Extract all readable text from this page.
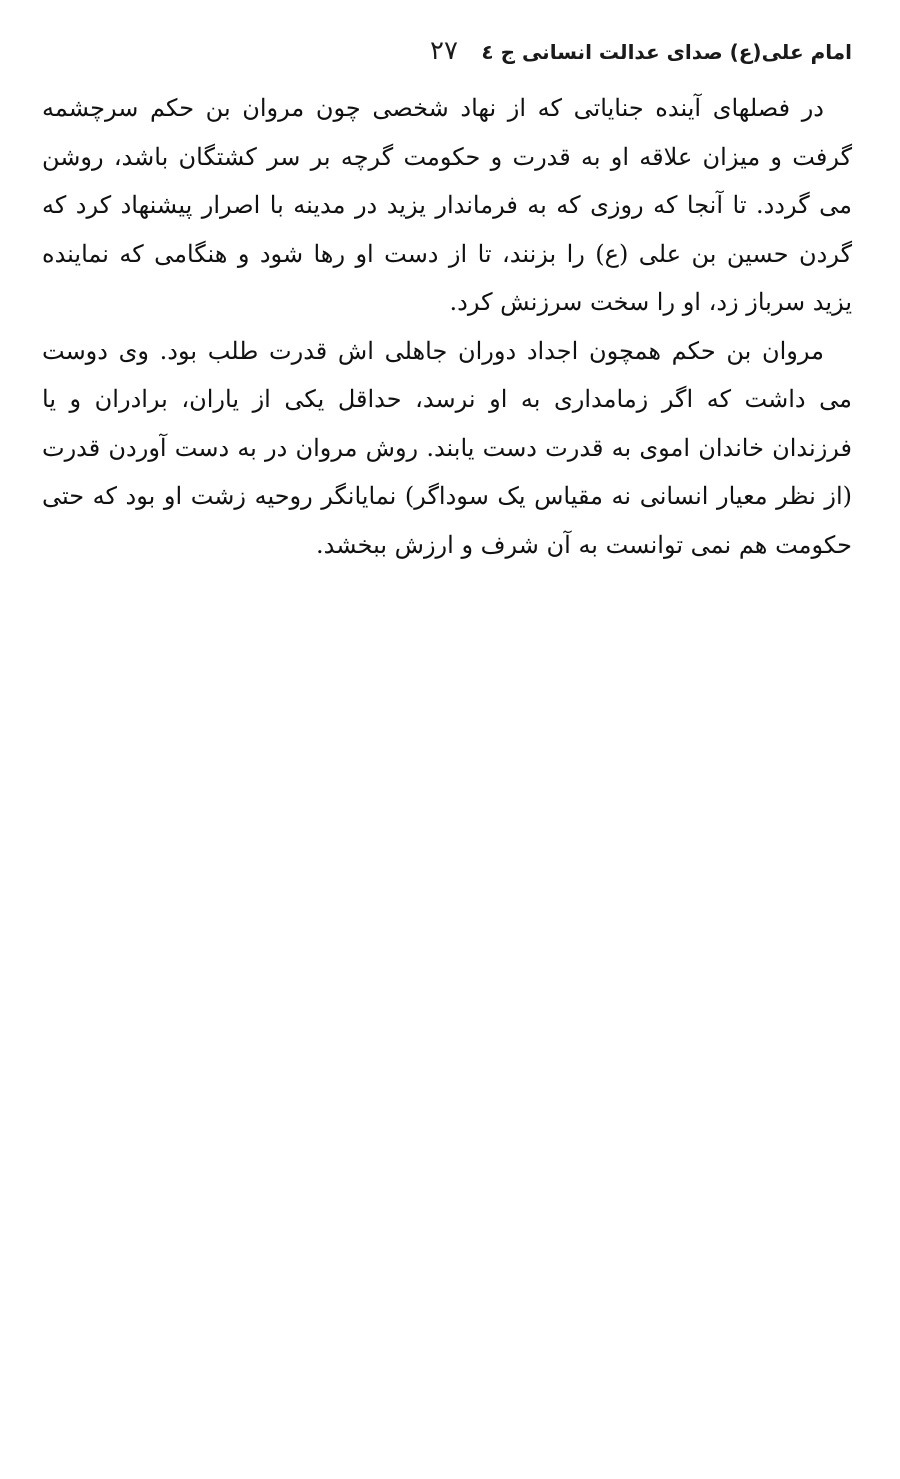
امام علی(ع) صدای عدالت انسانی ج ٤
٢٧

در فصلهای آینده جنایاتی که از نهاد شخصی چون مروان بن حکم سرچشمه گرفت و میزان علاقه او به قدرت و حکومت گرچه بر سر کشتگان باشد، روشن می گردد. تا آنجا که روزی که به فرماندار یزید در مدینه با اصرار پیشنهاد کرد که گردن حسین بن علی (ع) را بزنند، تا از دست او رها شود و هنگامی که نماینده یزید سرباز زد، او را سخت سرزنش کرد.

مروان بن حکم همچون اجداد دوران جاهلی اش قدرت طلب بود. وی دوست می داشت که اگر زمامداری به او نرسد، حداقل یکی از یاران، برادران و یا فرزندان خاندان اموی به قدرت دست یابند. روش مروان در به دست آوردن قدرت (از نظر معیار انسانی نه مقیاس یک سوداگر) نمایانگر روحیه زشت او بود که حتی حکومت هم نمی توانست به آن شرف و ارزش ببخشد.
